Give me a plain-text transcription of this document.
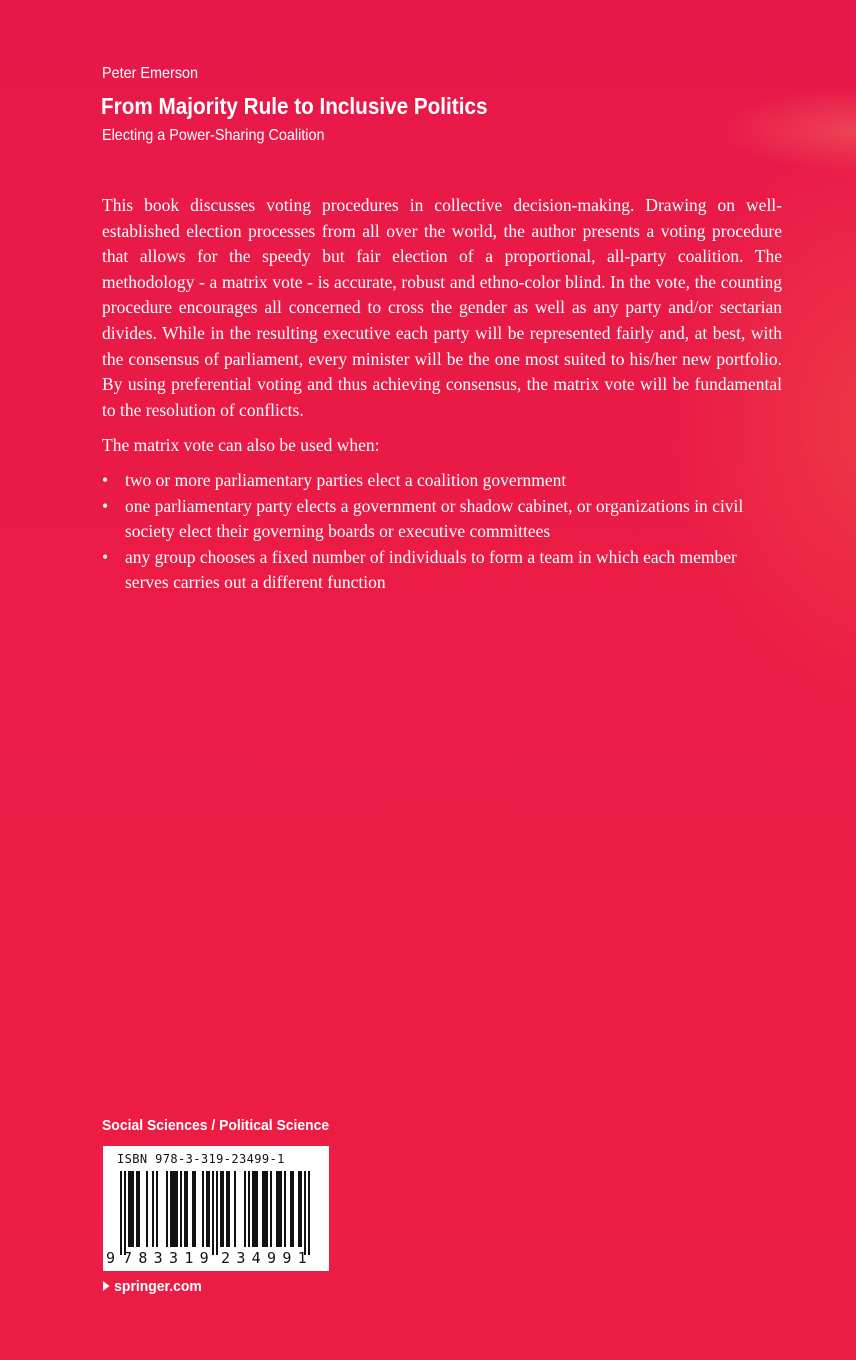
Peter Emerson
From Majority Rule to Inclusive Politics
Electing a Power-Sharing Coalition

This book discusses voting procedures in collective decision-making. Drawing on well-established election processes from all over the world, the author presents a voting procedure that allows for the speedy but fair election of a proportional, all-party coalition. The methodology - a matrix vote - is accurate, robust and ethno-color blind. In the vote, the counting procedure encourages all concerned to cross the gender as well as any party and/or sectarian divides. While in the resulting executive each party will be represented fairly and, at best, with the consensus of parliament, every minister will be the one most suited to his/her new portfolio. By using preferential voting and thus achieving consensus, the matrix vote will be fundamental to the resolution of conflicts.

The matrix vote can also be used when:

• two or more parliamentary parties elect a coalition government
• one parliamentary party elects a government or shadow cabinet, or organizations in civil society elect their governing boards or executive committees
• any group chooses a fixed number of individuals to form a team in which each member serves carries out a different function
Social Sciences / Political Science
ISBN 978-3-319-23499-1
9 783319 234991
springer.com
